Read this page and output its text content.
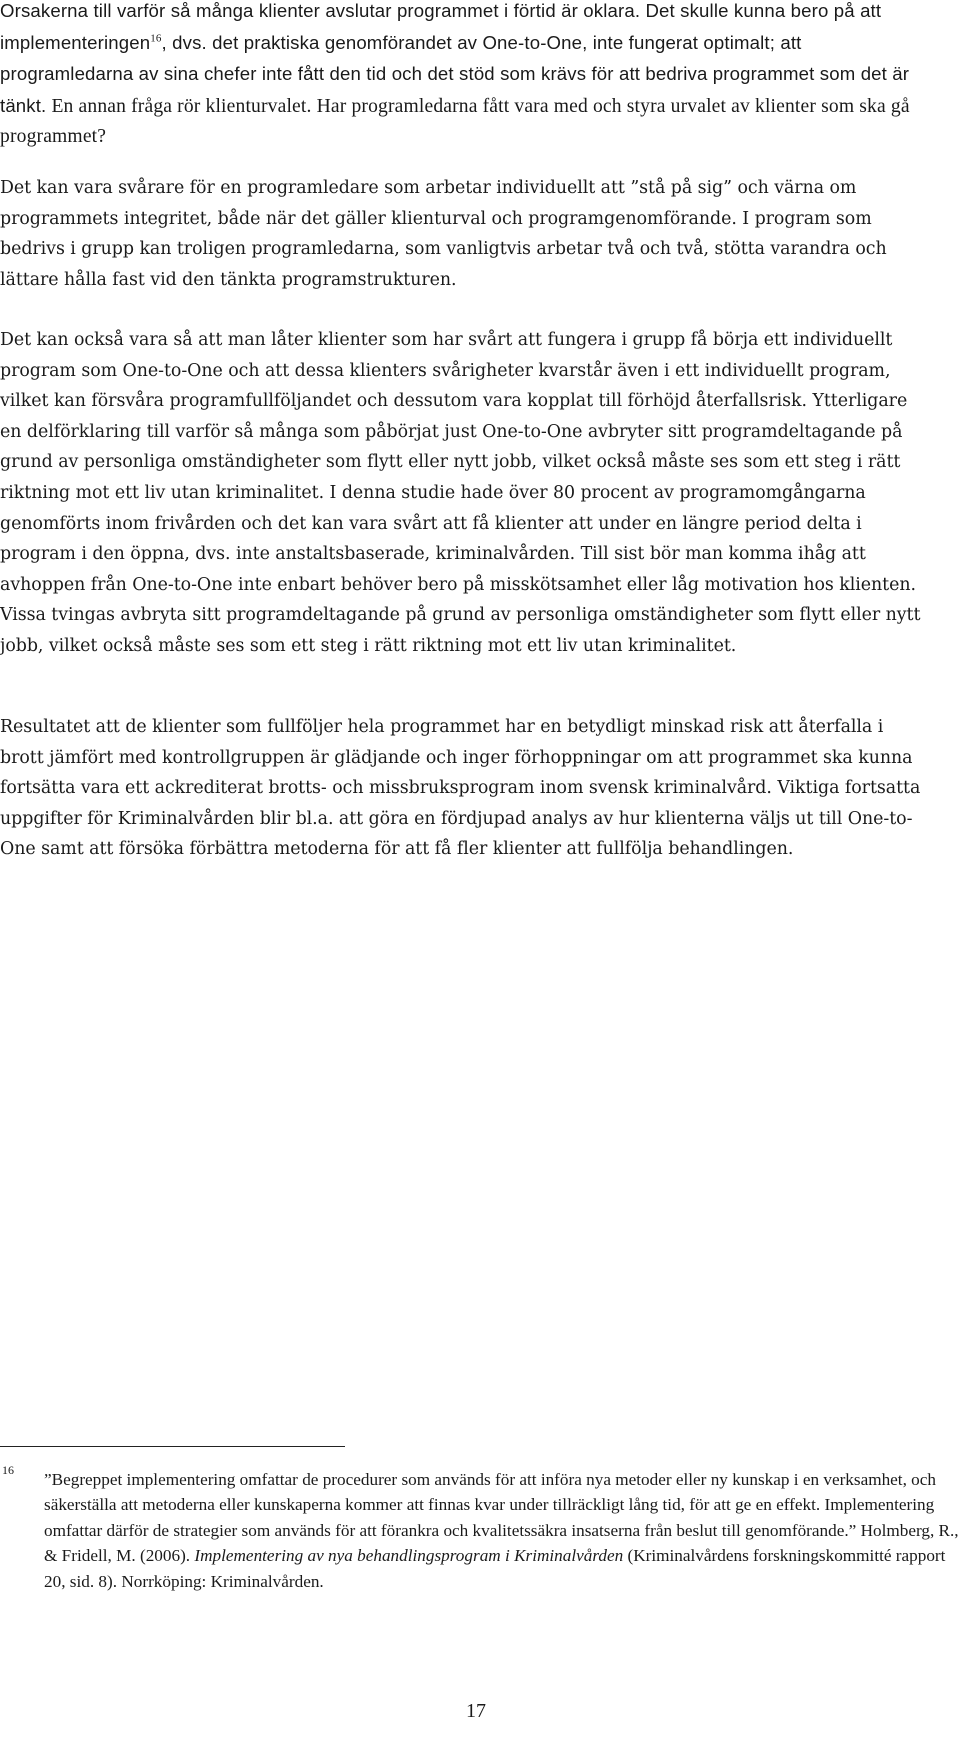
Orsakerna till varför så många klienter avslutar programmet i förtid är oklara. Det skulle kunna bero på att implementeringen$^{16}$, dvs. det praktiska genomförandet av One-to-One, inte fungerat optimalt; att programledarna av sina chefer inte fått den tid och det stöd som krävs för att bedriva programmet som det är tänkt. En annan fråga rör klienturvalet. Har programledarna fått vara med och styra urvalet av klienter som ska gå programmet?
Det kan vara svårare för en programledare som arbetar individuellt att ”stå på sig” och värna om programmets integritet, både när det gäller klienturval och programgenomförande. I program som bedrivs i grupp kan troligen programledarna, som vanligtvis arbetar två och två, stötta varandra och lättare hålla fast vid den tänkta programstrukturen.
Det kan också vara så att man låter klienter som har svårt att fungera i grupp få börja ett individuellt program som One-to-One och att dessa klienters svårigheter kvarstår även i ett individuellt program, vilket kan försvåra programfullföljandet och dessutom vara kopplat till förhöjd återfallsrisk. Ytterligare en delförklaring till varför så många som påbörjat just One-to-One avbryter sitt programdeltagande på grund av personliga omständigheter som flytt eller nytt jobb, vilket också måste ses som ett steg i rätt riktning mot ett liv utan kriminalitet. I denna studie hade över 80 procent av programomgångarna genomförts inom frivården och det kan vara svårt att få klienter att under en längre period delta i program i den öppna, dvs. inte anstaltsbaserade, kriminalvården. Till sist bör man komma ihåg att avhoppen från One-to-One inte enbart behöver bero på misskötsamhet eller låg motivation hos klienten. Vissa tvingas avbryta sitt programdeltagande på grund av personliga omständigheter som flytt eller nytt jobb, vilket också måste ses som ett steg i rätt riktning mot ett liv utan kriminalitet.
Resultatet att de klienter som fullföljer hela programmet har en betydligt minskad risk att återfalla i brott jämfört med kontrollgruppen är glädjande och inger förhoppningar om att programmet ska kunna fortsätta vara ett ackrediterat brotts- och missbruksprogram inom svensk kriminalvård. Viktiga fortsatta uppgifter för Kriminalvården blir bl.a. att göra en fördjupad analys av hur klienterna väljs ut till One-to-One samt att försöka förbättra metoderna för att få fler klienter att fullfölja behandlingen.
16 ”Begreppet implementering omfattar de procedurer som används för att införa nya metoder eller ny kunskap i en verksamhet, och säkerställa att metoderna eller kunskaperna kommer att finnas kvar under tillräckligt lång tid, för att ge en effekt. Implementering omfattar därför de strategier som används för att förankra och kvalitetssäkra insatserna från beslut till genomförande.” Holmberg, R., & Fridell, M. (2006). Implementering av nya behandlingsprogram i Kriminalvården (Kriminalvårdens forskningskommitté rapport 20, sid. 8). Norrköping: Kriminalvården.
17
